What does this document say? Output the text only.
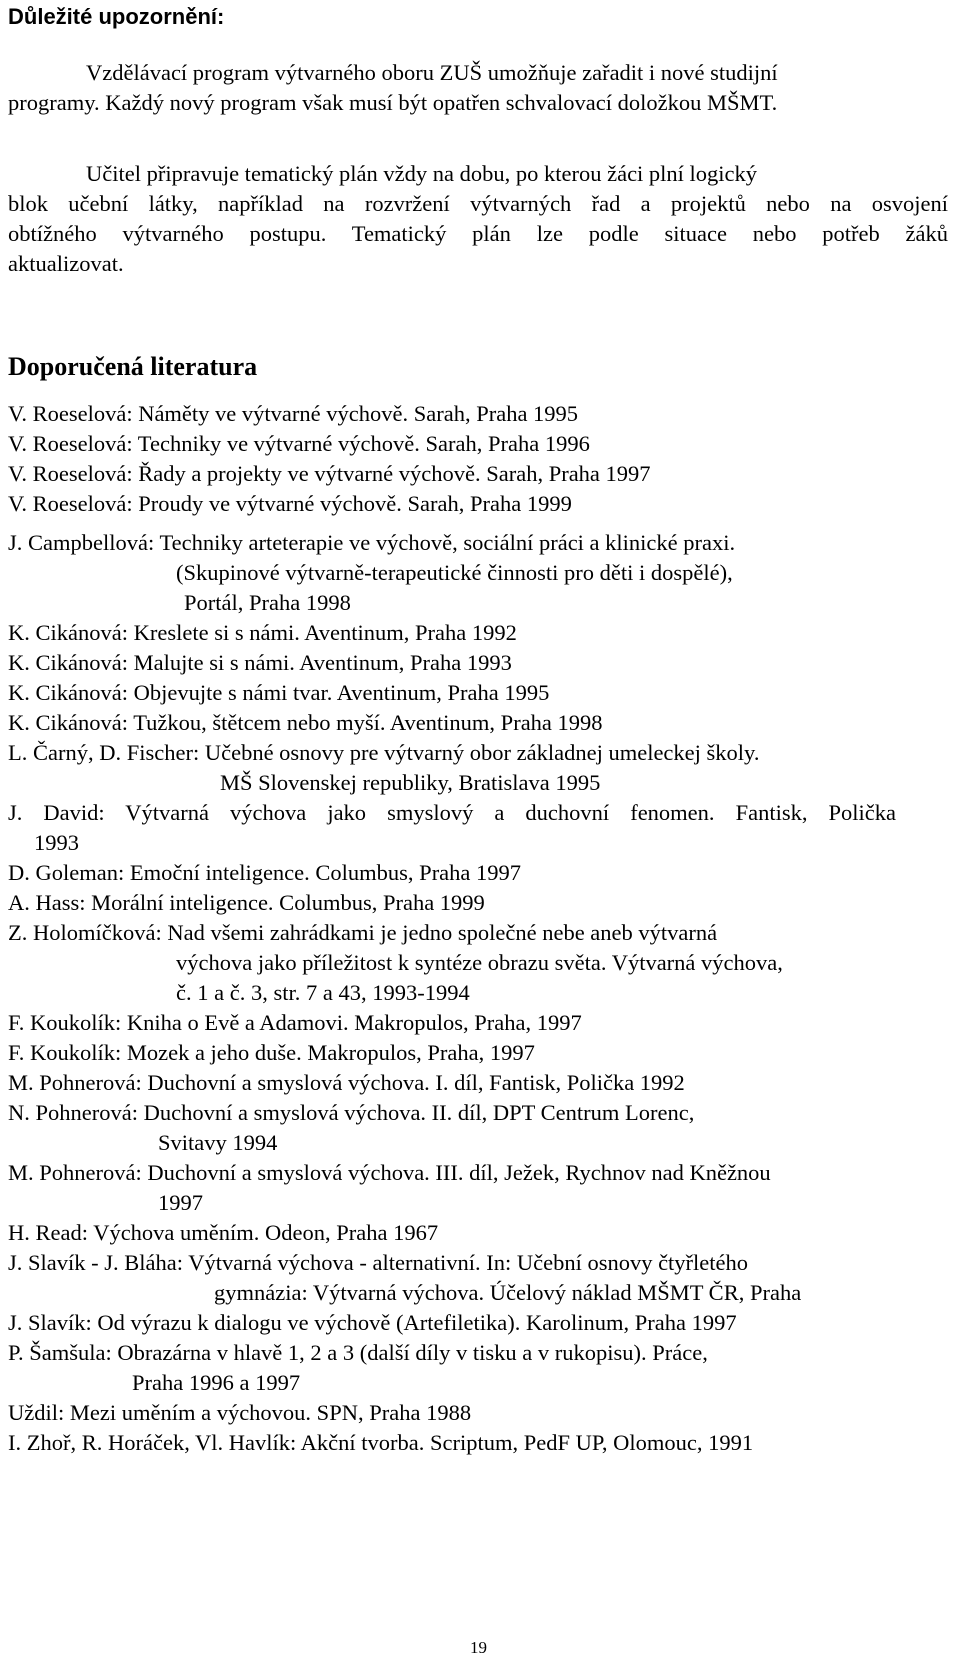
Důležité upozornění:
Vzdělávací program výtvarného oboru ZUŠ umožňuje zařadit i nové studijní
programy. Každý nový program však musí být opatřen schvalovací doložkou MŠMT.
Učitel připravuje tematický plán vždy na dobu, po kterou žáci plní logický
blok učební látky, například na rozvržení výtvarných řad a projektů nebo na osvojení
obtížného výtvarného postupu. Tematický plán lze podle situace nebo potřeb žáků
aktualizovat.
Doporučená literatura
V. Roeselová: Náměty ve výtvarné výchově. Sarah, Praha 1995
V. Roeselová: Techniky ve výtvarné výchově. Sarah, Praha 1996
V. Roeselová: Řady a projekty ve výtvarné výchově. Sarah, Praha 1997
V. Roeselová: Proudy ve výtvarné výchově. Sarah, Praha 1999
J. Campbellová: Techniky arteterapie ve výchově, sociální práci a klinické praxi.
(Skupinové výtvarně-terapeutické činnosti pro děti i dospělé),
Portál, Praha 1998
K. Cikánová: Kreslete si s námi. Aventinum, Praha 1992
K. Cikánová: Malujte si s námi. Aventinum, Praha 1993
K. Cikánová: Objevujte s námi tvar. Aventinum, Praha 1995
K. Cikánová: Tužkou, štětcem nebo myší. Aventinum, Praha 1998
L. Čarný, D. Fischer: Učebné osnovy pre výtvarný obor základnej umeleckej školy.
MŠ Slovenskej republiky, Bratislava 1995
J. David: Výtvarná výchova jako smyslový a duchovní fenomen. Fantisk, Polička
1993
D. Goleman: Emoční inteligence. Columbus, Praha 1997
A. Hass: Morální inteligence. Columbus, Praha 1999
Z. Holomíčková: Nad všemi zahrádkami je jedno společné nebe aneb výtvarná
výchova jako příležitost k syntéze obrazu světa. Výtvarná výchova,
č. 1 a č. 3, str. 7 a 43, 1993-1994
F. Koukolík: Kniha o Evě a Adamovi. Makropulos, Praha, 1997
F. Koukolík: Mozek a jeho duše. Makropulos, Praha, 1997
M. Pohnerová: Duchovní a smyslová výchova. I. díl, Fantisk, Polička 1992
N. Pohnerová: Duchovní a smyslová výchova. II. díl, DPT Centrum Lorenc,
Svitavy 1994
M. Pohnerová: Duchovní a smyslová výchova. III. díl, Ježek, Rychnov nad Kněžnou
1997
H. Read: Výchova uměním. Odeon, Praha 1967
J. Slavík - J. Bláha: Výtvarná výchova - alternativní. In: Učební osnovy čtyřletého
gymnázia: Výtvarná výchova. Účelový náklad MŠMT ČR, Praha
J. Slavík: Od výrazu k dialogu ve výchově (Artefiletika). Karolinum, Praha 1997
P. Šamšula: Obrazárna v hlavě 1, 2 a 3 (další díly v tisku a v rukopisu). Práce,
Praha 1996 a 1997
Uždil: Mezi uměním a výchovou. SPN, Praha 1988
I. Zhoř, R. Horáček, Vl. Havlík: Akční tvorba. Scriptum, PedF UP, Olomouc, 1991
19
